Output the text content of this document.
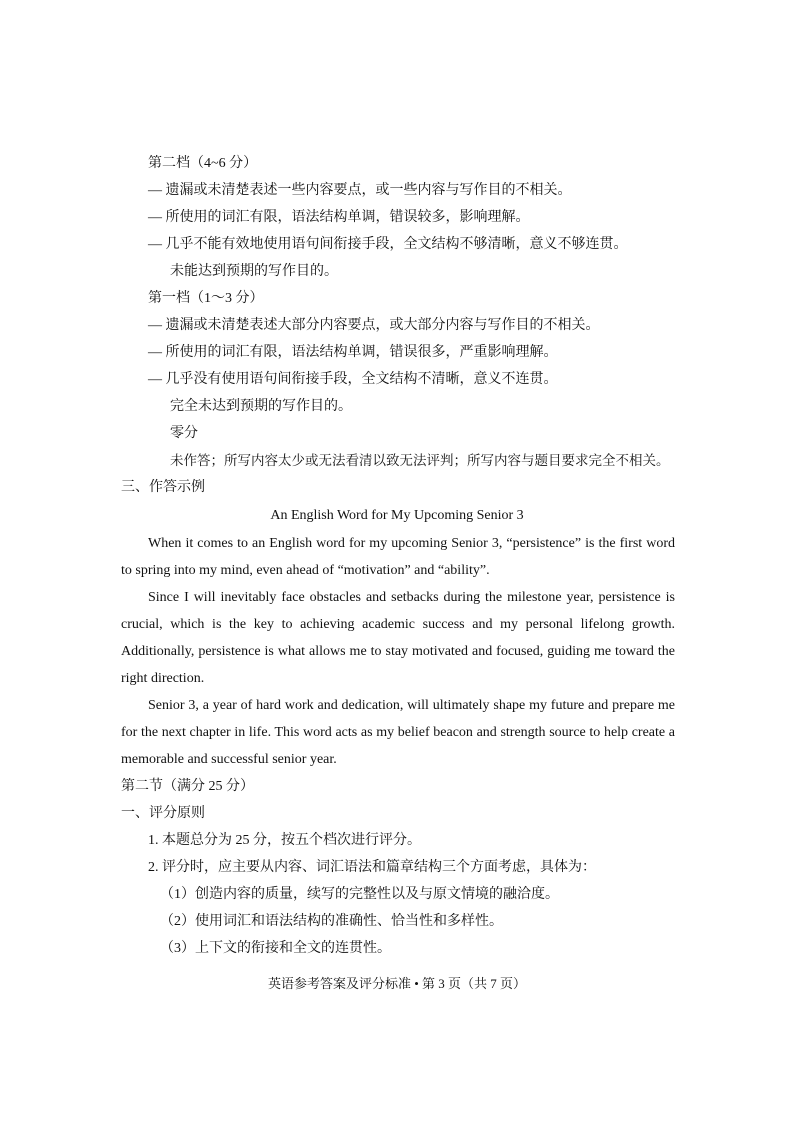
第二档（4~6 分）
— 遗漏或未清楚表述一些内容要点，或一些内容与写作目的不相关。
— 所使用的词汇有限，语法结构单调，错误较多，影响理解。
— 几乎不能有效地使用语句间衔接手段，全文结构不够清晰，意义不够连贯。
未能达到预期的写作目的。
第一档（1～3 分）
— 遗漏或未清楚表述大部分内容要点，或大部分内容与写作目的不相关。
— 所使用的词汇有限，语法结构单调，错误很多，严重影响理解。
— 几乎没有使用语句间衔接手段，全文结构不清晰，意义不连贯。
完全未达到预期的写作目的。
零分
未作答；所写内容太少或无法看清以致无法评判；所写内容与题目要求完全不相关。
三、作答示例
An English Word for My Upcoming Senior 3
When it comes to an English word for my upcoming Senior 3, “persistence” is the first word
to spring into my mind, even ahead of “motivation” and “ability”.
Since I will inevitably face obstacles and setbacks during the milestone year, persistence is
crucial, which is the key to achieving academic success and my personal lifelong growth.
Additionally, persistence is what allows me to stay motivated and focused, guiding me toward the
right direction.
Senior 3, a year of hard work and dedication, will ultimately shape my future and prepare me
for the next chapter in life. This word acts as my belief beacon and strength source to help create a
memorable and successful senior year.
第二节（满分 25 分）
一、评分原则
1. 本题总分为 25 分，按五个档次进行评分。
2. 评分时，应主要从内容、词汇语法和篇章结构三个方面考虑，具体为：
（1）创造内容的质量，续写的完整性以及与原文情境的融洽度。
（2）使用词汇和语法结构的准确性、恰当性和多样性。
（3）上下文的衔接和全文的连贯性。
英语参考答案及评分标准 • 第 3 页（共 7 页）
